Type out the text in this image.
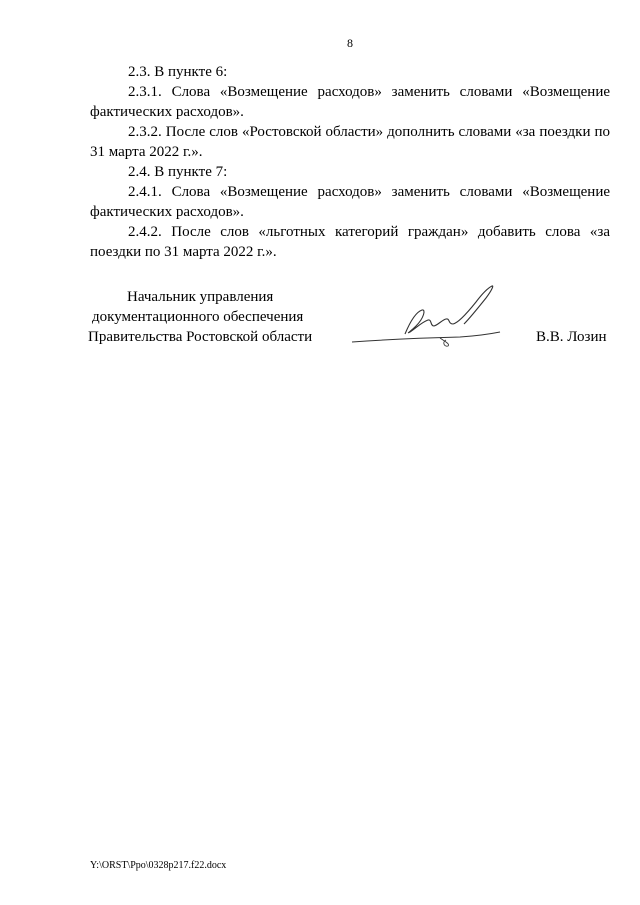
8

2.3. В пункте 6:

2.3.1. Слова «Возмещение расходов» заменить словами «Возмещение фактических расходов».

2.3.2. После слов «Ростовской области» дополнить словами «за поездки по 31 марта 2022 г.».

2.4. В пункте 7:

2.4.1. Слова «Возмещение расходов» заменить словами «Возмещение фактических расходов».

2.4.2. После слов «льготных категорий граждан» добавить слова «за поездки по 31 марта 2022 г.».

Начальник управления
документационного обеспечения
Правительства Ростовской области	В.В. Лозин
Y:\ORST\Ppo\0328p217.f22.docx
